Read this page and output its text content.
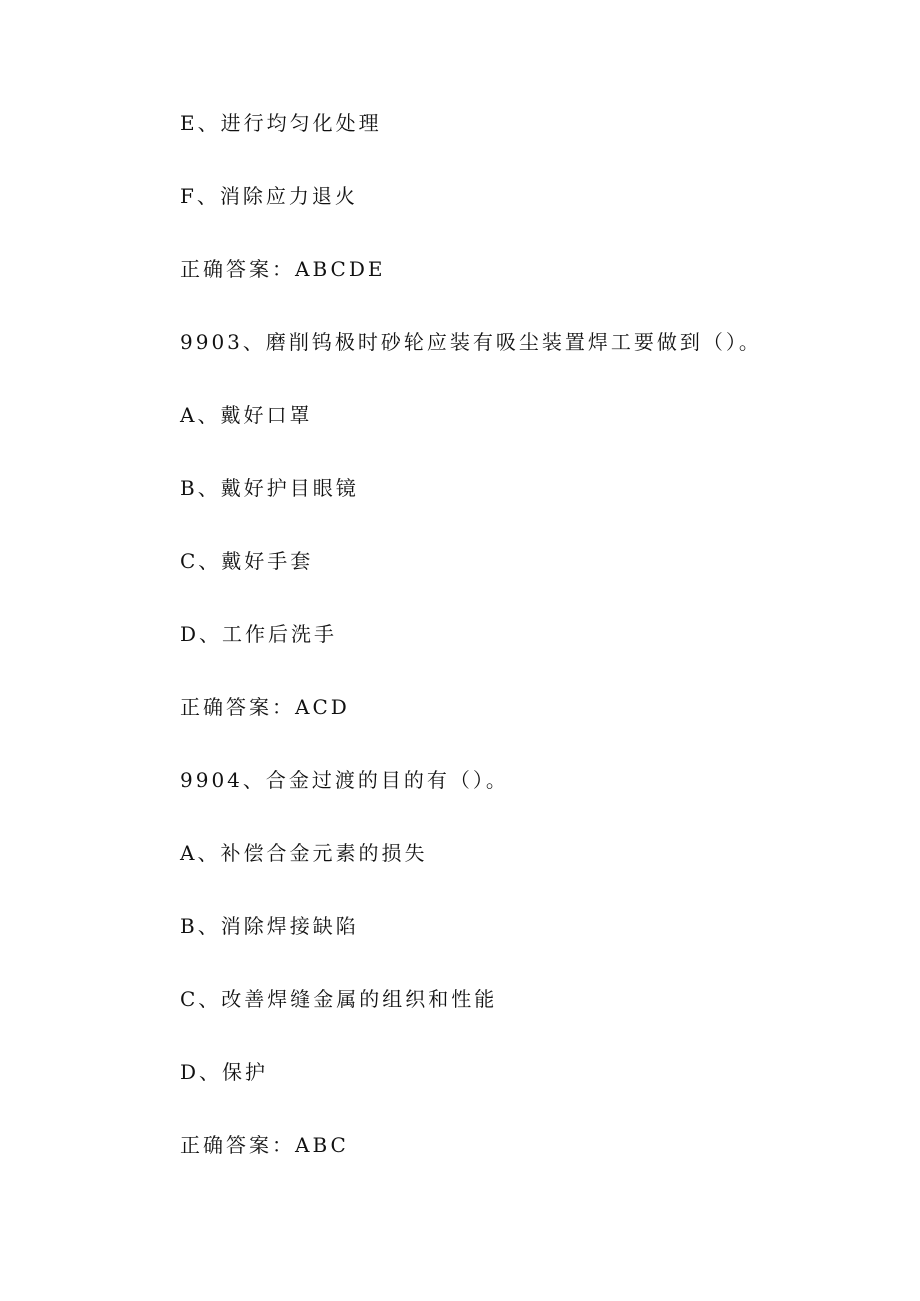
E、进行均匀化处理
F、消除应力退火
正确答案：ABCDE
9903、磨削钨极时砂轮应装有吸尘装置焊工要做到（）。
A、戴好口罩
B、戴好护目眼镜
C、戴好手套
D、工作后洗手
正确答案：ACD
9904、合金过渡的目的有（）。
A、补偿合金元素的损失
B、消除焊接缺陷
C、改善焊缝金属的组织和性能
D、保护
正确答案：ABC
